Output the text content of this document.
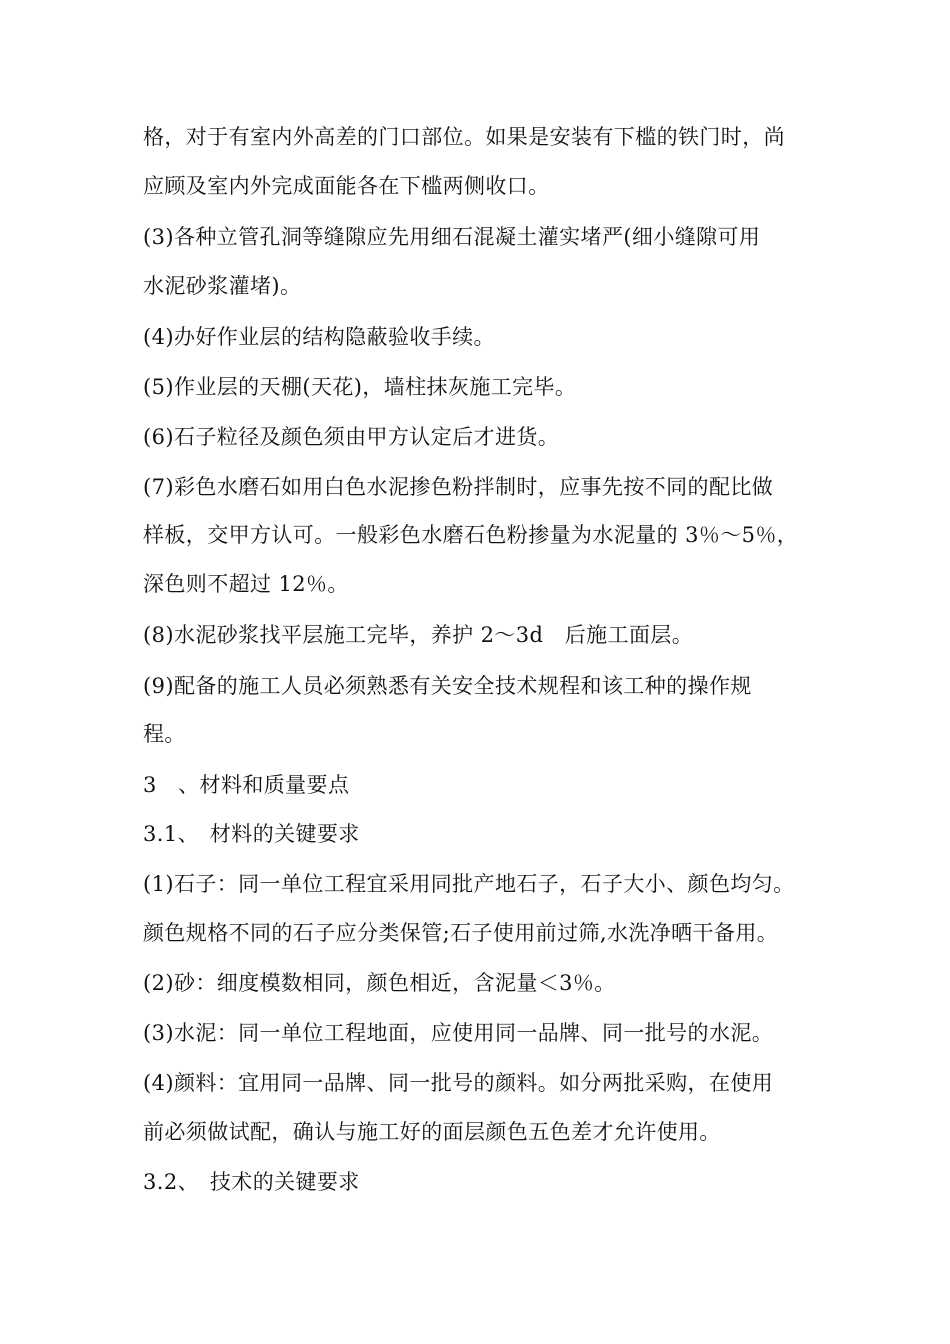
格，对于有室内外高差的门口部位。如果是安装有下槛的铁门时，尚
应顾及室内外完成面能各在下槛两侧收口。
(3)各种立管孔洞等缝隙应先用细石混凝土灌实堵严(细小缝隙可用
水泥砂浆灌堵)。
(4)办好作业层的结构隐蔽验收手续。
(5)作业层的天棚(天花)，墙柱抹灰施工完毕。
(6)石子粒径及颜色须由甲方认定后才进货。
(7)彩色水磨石如用白色水泥掺色粉拌制时，应事先按不同的配比做
样板，交甲方认可。一般彩色水磨石色粉掺量为水泥量的 3％～5％，
深色则不超过 12％。
(8)水泥砂浆找平层施工完毕，养护 2～3d　后施工面层。
(9)配备的施工人员必须熟悉有关安全技术规程和该工种的操作规
程。
3　、材料和质量要点
3.1、　材料的关键要求
(1)石子：同一单位工程宜采用同批产地石子，石子大小、颜色均匀。
颜色规格不同的石子应分类保管;石子使用前过筛,水洗净晒干备用。
(2)砂：细度模数相同，颜色相近，含泥量＜3％。
(3)水泥：同一单位工程地面，应使用同一品牌、同一批号的水泥。
(4)颜料：宜用同一品牌、同一批号的颜料。如分两批采购，在使用
前必须做试配，确认与施工好的面层颜色五色差才允许使用。
3.2、　技术的关键要求
